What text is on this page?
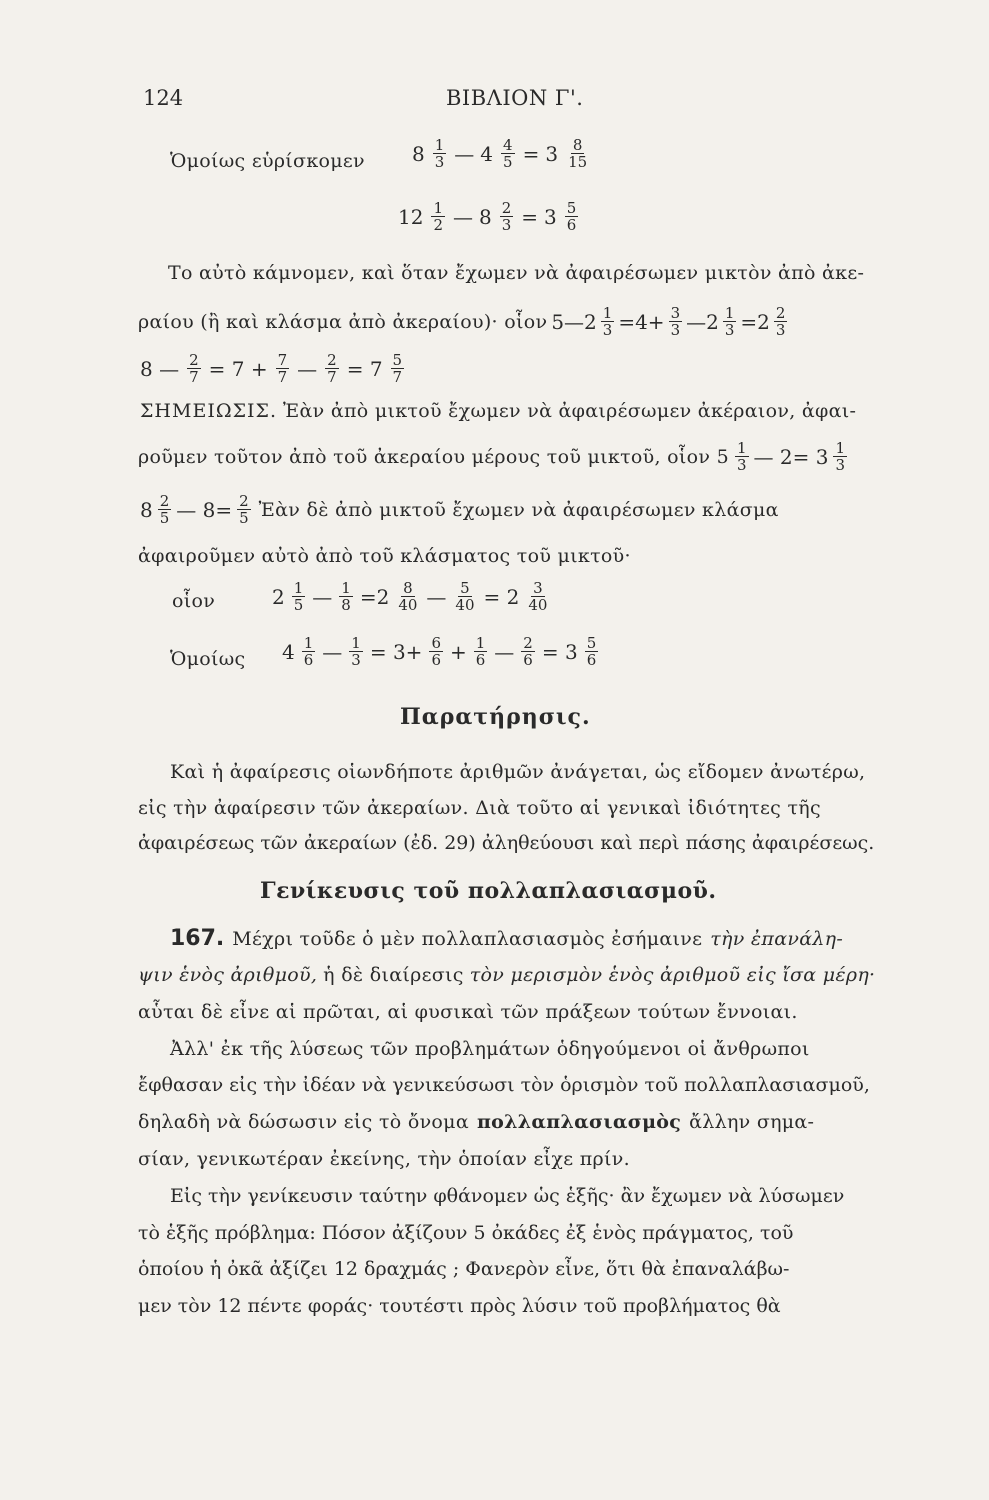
124	ΒΙΒΛΙΟΝ Γ'.
Ὁμοίως εὑρίσκομεν $8 \frac{1}{3}$ — $4 \frac{4}{5} = 3 \frac{8}{15}$
$12 \frac{1}{2}$ — $8 \frac{2}{3} = 3 \frac{5}{6}$
Το αὐτὸ κάμνομεν, καὶ ὅταν ἔχωμεν νὰ ἀφαιρέσωμεν μικτὸν ἀπὸ ἀκε-
ραίου (ἢ καὶ κλάσμα ἀπὸ ἀκεραίου)· οἷον 5—2 $\frac{1}{3} =4+ \frac{3}{3}$ —2 $\frac{1}{3} =2 \frac{2}{3}$
8 — $\frac{2}{7} = 7 + \frac{7}{7}$ — $\frac{2}{7} = 7 \frac{5}{7}$
ΣΗΜΕΙΩΣΙΣ. Ἐὰν ἀπὸ μικτοῦ ἔχωμεν νὰ ἀφαιρέσωμεν ἀκέραιον, ἀφαι-
ροῦμεν τοῦτον ἀπὸ τοῦ ἀκεραίου μέρους τοῦ μικτοῦ, οἷον $5 \frac{1}{3}$ — $2= 3 \frac{1}{3}$
$8 \frac{2}{5}$ — $8= \frac{2}{5}$ Ἐὰν δὲ ἀπὸ μικτοῦ ἔχωμεν νὰ ἀφαιρέσωμεν κλάσμα
ἀφαιροῦμεν αὐτὸ ἀπὸ τοῦ κλάσματος τοῦ μικτοῦ·
οἷον	$2 \frac{1}{5}$ — $\frac{1}{8} =2 \frac{8}{40}$ — $\frac{5}{40} = 2 \frac{3}{40}$
Ὁμοίως $4 \frac{1}{6}$ — $\frac{1}{3} = 3+ \frac{6}{6} + \frac{1}{6}$ — $\frac{2}{6} = 3 \frac{5}{6}$
Παρατήρησις.
Καὶ ἡ ἀφαίρεσις οἱωνδήποτε ἀριθμῶν ἀνάγεται, ὡς εἴδομεν ἀνωτέρω,
εἰς τὴν ἀφαίρεσιν τῶν ἀκεραίων. Διὰ τοῦτο αἱ γενικαὶ ἰδιότητες τῆς
ἀφαιρέσεως τῶν ἀκεραίων (ἐδ. 29) ἀληθεύουσι καὶ περὶ πάσης ἀφαιρέσεως.
Γενίκευσις τοῦ πολλαπλασιασμοῦ.
167. Μέχρι τοῦδε ὁ μὲν πολλαπλασιασμὸς ἐσήμαινε τὴν ἐπανάλη-
ψιν ἑνὸς ἀριθμοῦ, ἡ δὲ διαίρεσις τὸν μερισμὸν ἑνὸς ἀριθμοῦ εἰς ἴσα μέρη·
αὗται δὲ εἶνε αἱ πρῶται, αἱ φυσικαὶ τῶν πράξεων τούτων ἔννοιαι.
Ἀλλ' ἐκ τῆς λύσεως τῶν προβλημάτων ὁδηγούμενοι οἱ ἄνθρωποι
ἔφθασαν εἰς τὴν ἰδέαν νὰ γενικεύσωσι τὸν ὁρισμὸν τοῦ πολλαπλασιασμοῦ,
δηλαδὴ νὰ δώσωσιν εἰς τὸ ὄνομα πολλαπλασιασμὸς ἄλλην σημα-
σίαν, γενικωτέραν ἐκείνης, τὴν ὁποίαν εἶχε πρίν.
Εἰς τὴν γενίκευσιν ταύτην φθάνομεν ὡς ἑξῆς· ἂν ἔχωμεν νὰ λύσωμεν
τὸ ἑξῆς πρόβλημα: Πόσον ἀξίζουν 5 ὀκάδες ἐξ ἑνὸς πράγματος, τοῦ
ὁποίου ἡ ὀκᾶ ἀξίζει 12 δραχμάς ; Φανερὸν εἶνε, ὅτι θὰ ἐπαναλάβω-
μεν τὸν 12 πέντε φοράς· τουτέστι πρὸς λύσιν τοῦ προβλήματος θὰ
